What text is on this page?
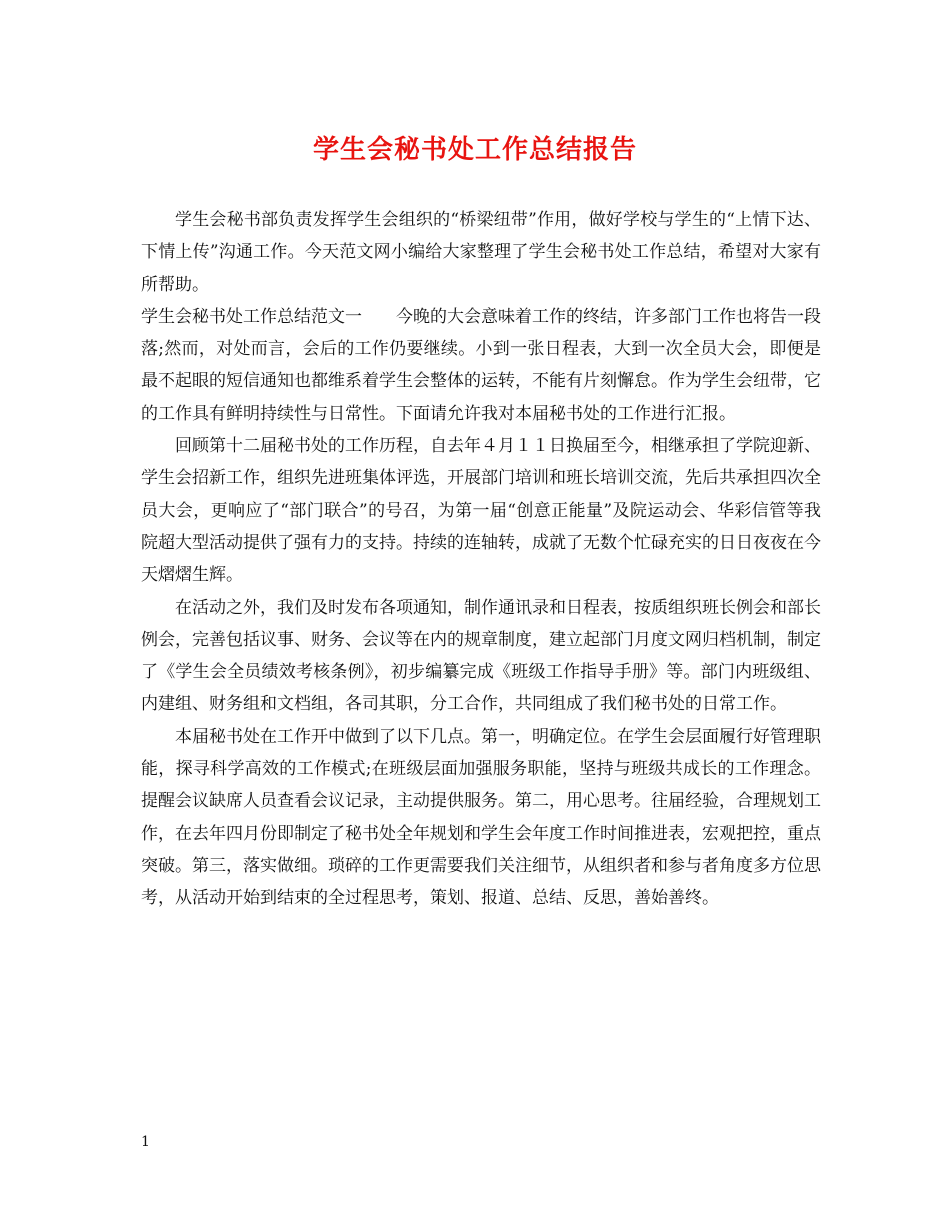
学生会秘书处工作总结报告

学生会秘书部负责发挥学生会组织的“桥梁纽带”作用，做好学校与学生的“上情下达、下情上传”沟通工作。今天范文网小编给大家整理了学生会秘书处工作总结，希望对大家有所帮助。

学生会秘书处工作总结范文一　　今晚的大会意味着工作的终结，许多部门工作也将告一段落;然而，对处而言，会后的工作仍要继续。小到一张日程表，大到一次全员大会，即便是最不起眼的短信通知也都维系着学生会整体的运转，不能有片刻懈怠。作为学生会纽带，它的工作具有鲜明持续性与日常性。下面请允许我对本届秘书处的工作进行汇报。

回顾第十二届秘书处的工作历程，自去年４月１１日换届至今，相继承担了学院迎新、学生会招新工作，组织先进班集体评选，开展部门培训和班长培训交流，先后共承担四次全员大会，更响应了“部门联合”的号召，为第一届“创意正能量”及院运动会、华彩信管等我院超大型活动提供了强有力的支持。持续的连轴转，成就了无数个忙碌充实的日日夜夜在今天熠熠生辉。

在活动之外，我们及时发布各项通知，制作通讯录和日程表，按质组织班长例会和部长例会，完善包括议事、财务、会议等在内的规章制度，建立起部门月度文网归档机制，制定了《学生会全员绩效考核条例》，初步编纂完成《班级工作指导手册》等。部门内班级组、内建组、财务组和文档组，各司其职，分工合作，共同组成了我们秘书处的日常工作。

本届秘书处在工作开中做到了以下几点。第一，明确定位。在学生会层面履行好管理职能，探寻科学高效的工作模式;在班级层面加强服务职能，坚持与班级共成长的工作理念。提醒会议缺席人员查看会议记录，主动提供服务。第二，用心思考。往届经验，合理规划工作，在去年四月份即制定了秘书处全年规划和学生会年度工作时间推进表，宏观把控，重点突破。第三，落实做细。琐碎的工作更需要我们关注细节，从组织者和参与者角度多方位思考，从活动开始到结束的全过程思考，策划、报道、总结、反思，善始善终。

1
